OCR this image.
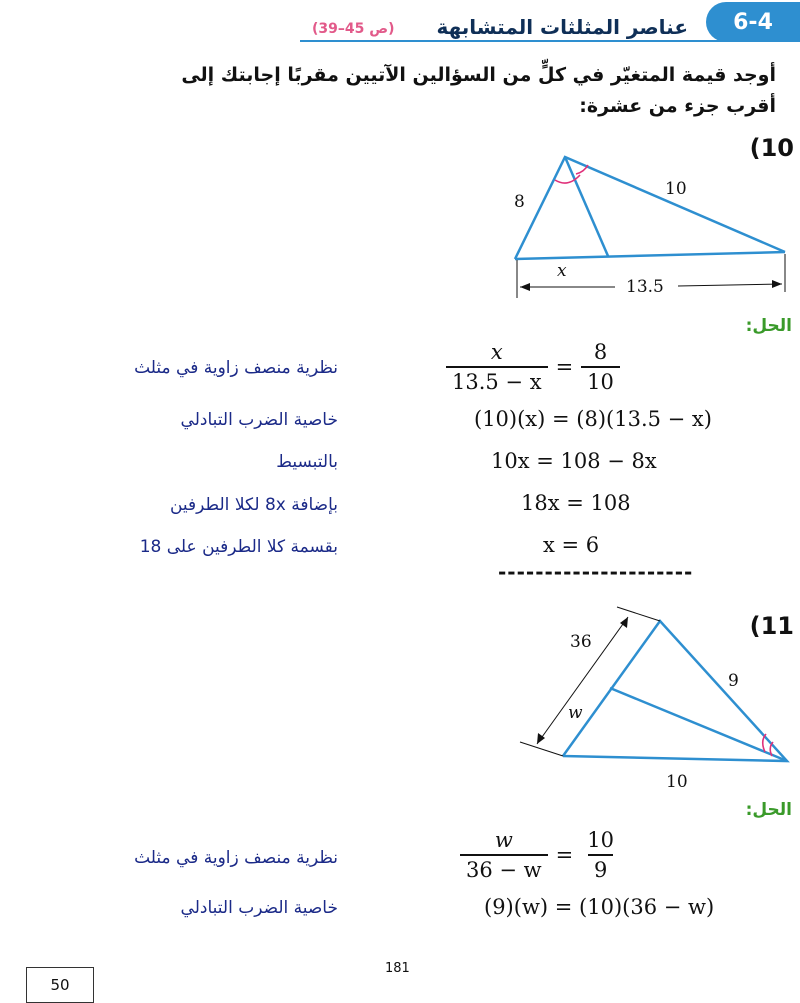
6-4
عناصر المثلثات المتشابهة
(ص 45–39)
أوجد قيمة المتغيّر في كلٍّ من السؤالين الآتيين مقربًا إجابتك إلى أقرب جزء من عشرة:
(10
8
10
x
13.5
الحل:
نظرية منصف زاوية في مثلث	$\frac{x}{13.5 - x} = \frac{8}{10}$
خاصية الضرب التبادلي	(10)(x) = (8)(13.5 − x)
بالتبسيط	10x = 108 − 8x
بإضافة 8x لكلا الطرفين	18x = 108
بقسمة كلا الطرفين على 18	x = 6
---------------------
(11
36
w
9
10
الحل:
نظرية منصف زاوية في مثلث	$\frac{w}{36 - w} = \frac{10}{9}$
خاصية الضرب التبادلي	(9)(w) = (10)(36 − w)
50
181
